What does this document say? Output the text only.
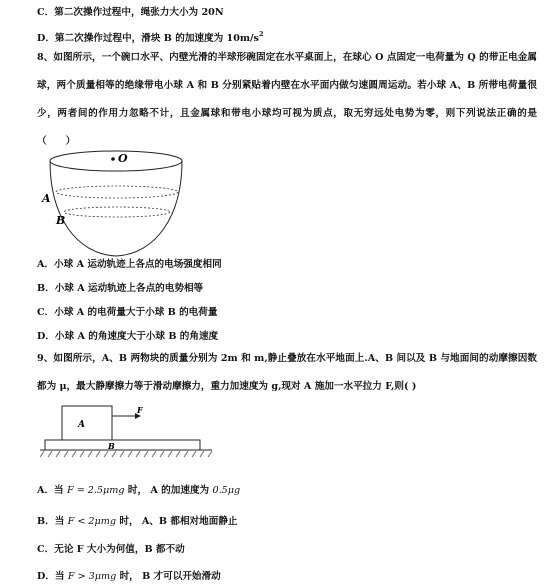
C．第二次操作过程中，绳张力大小为 20N
D．第二次操作过程中，滑块 B 的加速度为 $10m/s^2$
8、如图所示，一个碗口水平、内壁光滑的半球形碗固定在水平桌面上，在球心 O 点固定一电荷量为 Q 的带正电金属球，两个质量相等的绝缘带电小球 A 和 B 分别紧贴着内壁在水平面内做匀速圆周运动。若小球 A、B 所带电荷量很少，两者间的作用力忽略不计，且金属球和带电小球均可视为质点，取无穷远处电势为零，则下列说法正确的是（　　）
O
A
B
A．小球 A 运动轨迹上各点的电场强度相同
B．小球 A 运动轨迹上各点的电势相等
C．小球 A 的电荷量大于小球 B 的电荷量
D．小球 A 的角速度大于小球 B 的角速度
9、如图所示，A、B 两物块的质量分别为 2m 和 m,静止叠放在水平地面上.A、B 间以及 B 与地面间的动摩擦因数都为 μ，最大静摩擦力等于滑动摩擦力，重力加速度为 g,现对 A 施加一水平拉力 F,则( )
A
F
B
A．当 F = 2.5μmg 时， A 的加速度为 0.5μg
B．当 F < 2μmg 时， A、B 都相对地面静止
C．无论 F 大小为何值，B 都不动
D．当 F > 3μmg 时， B 才可以开始滑动
